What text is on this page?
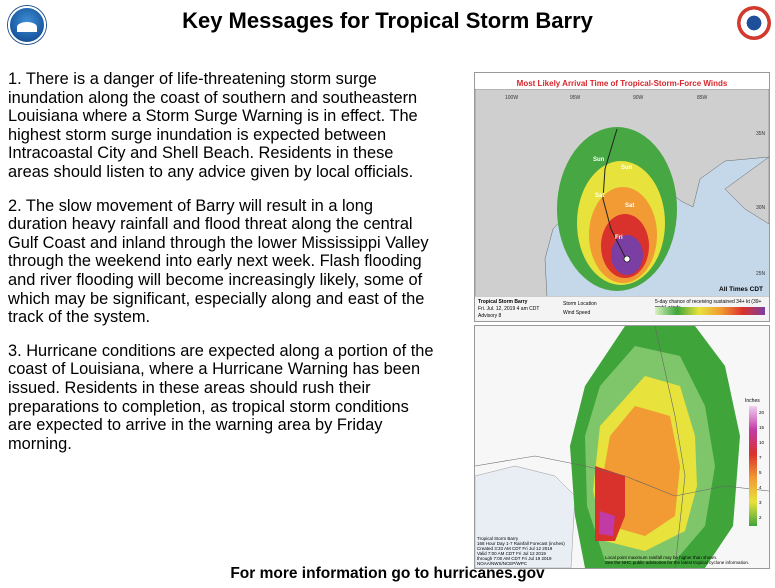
Key Messages for Tropical Storm Barry

1. There is a danger of life-threatening storm surge inundation along the coast of southern and southeastern Louisiana where a Storm Surge Warning is in effect. The highest storm surge inundation is expected between Intracoastal City and Shell Beach. Residents in these areas should listen to any advice given by local officials.

2. The slow movement of Barry will result in a long duration heavy rainfall and flood threat along the central Gulf Coast and inland through the lower Mississippi Valley through the weekend into early next week. Flash flooding and river flooding will become increasingly likely, some of which may be significant, especially along and east of the track of the system.

3. Hurricane conditions are expected along a portion of the coast of Louisiana, where a Hurricane Warning has been issued. Residents in these areas should rush their preparations to completion, as tropical storm conditions are expected to arrive in the warning area by Friday morning.

Most Likely Arrival Time of Tropical-Storm-Force Winds
100W	95W	90W	85W
35N
30N
25N
Sun
Sun
Sat
Sat
Fri
All Times CDT
Tropical Storm Barry
Fri. Jul. 12, 2019 4 am CDT
Advisory 8
Storm Location
Wind Speed
5-day chance of receiving sustained 34+ kt (39+
Inches
20
15
10
7
5
4
3
2
Tropical Storm Barry
168 Hour Day 1-7 Rainfall Forecast (inches)
Created 3:33 AM CDT Fri Jul 12 2019
Valid 7:00 AM CDT Fri Jul 12 2019
through 7:00 AM CDT Fri Jul 19 2019
NOAA/NWS/NCEP/WPC
Local point maximum rainfall may be higher than shown.
See the NHC public advisories for the latest tropical cyclone information.
For more information go to hurricanes.gov
